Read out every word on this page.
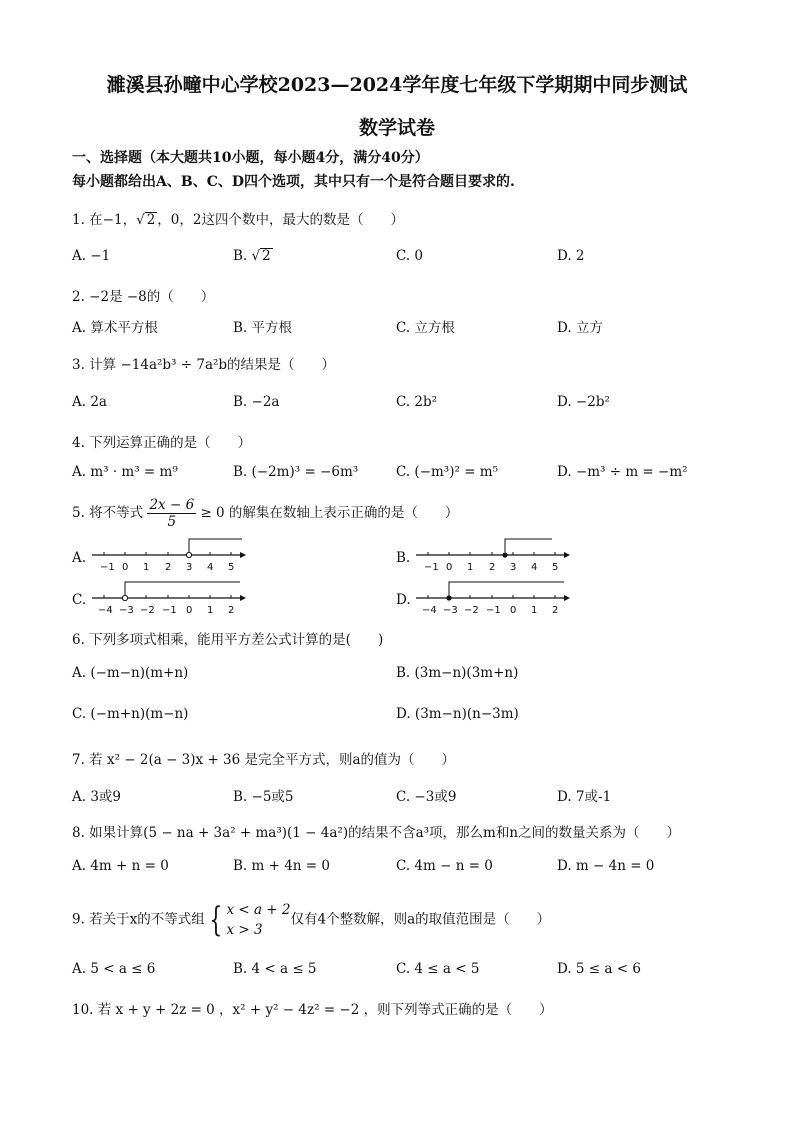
濉溪县孙疃中心学校2023—2024学年度七年级下学期期中同步测试
数学试卷
一、选择题（本大题共10小题，每小题4分，满分40分）
每小题都给出A、B、C、D四个选项，其中只有一个是符合题目要求的.
1. 在−1，√ 2 ，0，2这四个数中，最大的数是（　　）
A. −1	B. √ 2	C. 0	D. 2
2. −2是 −8的（　　）
A. 算术平方根	B. 平方根	C. 立方根	D. 立方
3. 计算 −14a²b³ ÷ 7a²b的结果是（　　）
A. 2a	B. −2a	C. 2b²	D. −2b²
4. 下列运算正确的是（　　）
A. m³ · m³ = m⁹	B. (−2m)³ = −6m³	C. (−m³)² = m⁵	D. −m³ ÷ m = −m²
5. 将不等式 $\frac{2x - 6}{5} \ge 0$ 的解集在数轴上表示正确的是（　　）
A.	B.
C.	D.
−1 0 1 2 3 4 5	−1 0 1 2 3 4 5
−4 −3 −2 −1 0 1 2	−4 −3 −2 −1 0 1 2
6. 下列多项式相乘，能用平方差公式计算的是(　　)
A. (−m−n)(m+n)	B. (3m−n)(3m+n)
C. (−m+n)(m−n)	D. (3m−n)(n−3m)
7. 若 x² − 2(a − 3)x + 36 是完全平方式，则a的值为（　　）
A. 3或9	B. −5或5	C. −3或9	D. 7或-1
8. 如果计算(5 − na + 3a² + ma³)(1 − 4a²)的结果不含a³项，那么m和n之间的数量关系为（　　）
A. 4m + n = 0	B. m + 4n = 0	C. 4m − n = 0	D. m − 4n = 0
9. 若关于x的不等式组 { x < a + 2
x > 3
仅有4个整数解，则a的取值范围是（　　）
A. 5 < a ≤ 6	B. 4 < a ≤ 5	C. 4 ≤ a < 5	D. 5 ≤ a < 6
10. 若 x + y + 2z = 0 ，x² + y² − 4z² = −2 ，则下列等式正确的是（　　）
